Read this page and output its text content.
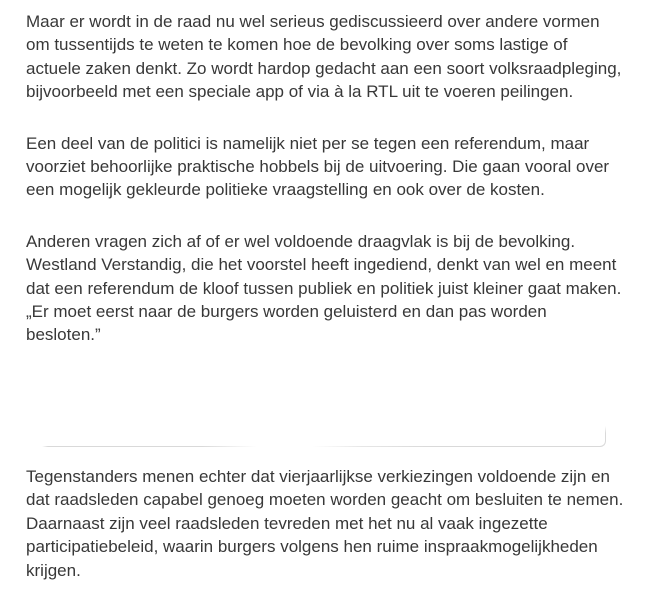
Maar er wordt in de raad nu wel serieus gediscussieerd over andere vormen om tussentijds te weten te komen hoe de bevolking over soms lastige of actuele zaken denkt. Zo wordt hardop gedacht aan een soort volksraadpleging, bijvoorbeeld met een speciale app of via à la RTL uit te voeren peilingen.

Een deel van de politici is namelijk niet per se tegen een referendum, maar voorziet behoorlijke praktische hobbels bij de uitvoering. Die gaan vooral over een mogelijk gekleurde politieke vraagstelling en ook over de kosten.

Anderen vragen zich af of er wel voldoende draagvlak is bij de bevolking. Westland Verstandig, die het voorstel heeft ingediend, denkt van wel en meent dat een referendum de kloof tussen publiek en politiek juist kleiner gaat maken. „Er moet eerst naar de burgers worden geluisterd en dan pas worden besloten.”

Tegenstanders menen echter dat vierjaarlijkse verkiezingen voldoende zijn en dat raadsleden capabel genoeg moeten worden geacht om besluiten te nemen. Daarnaast zijn veel raadsleden tevreden met het nu al vaak ingezette participatiebeleid, waarin burgers volgens hen ruime inspraakmogelijkheden krijgen.
